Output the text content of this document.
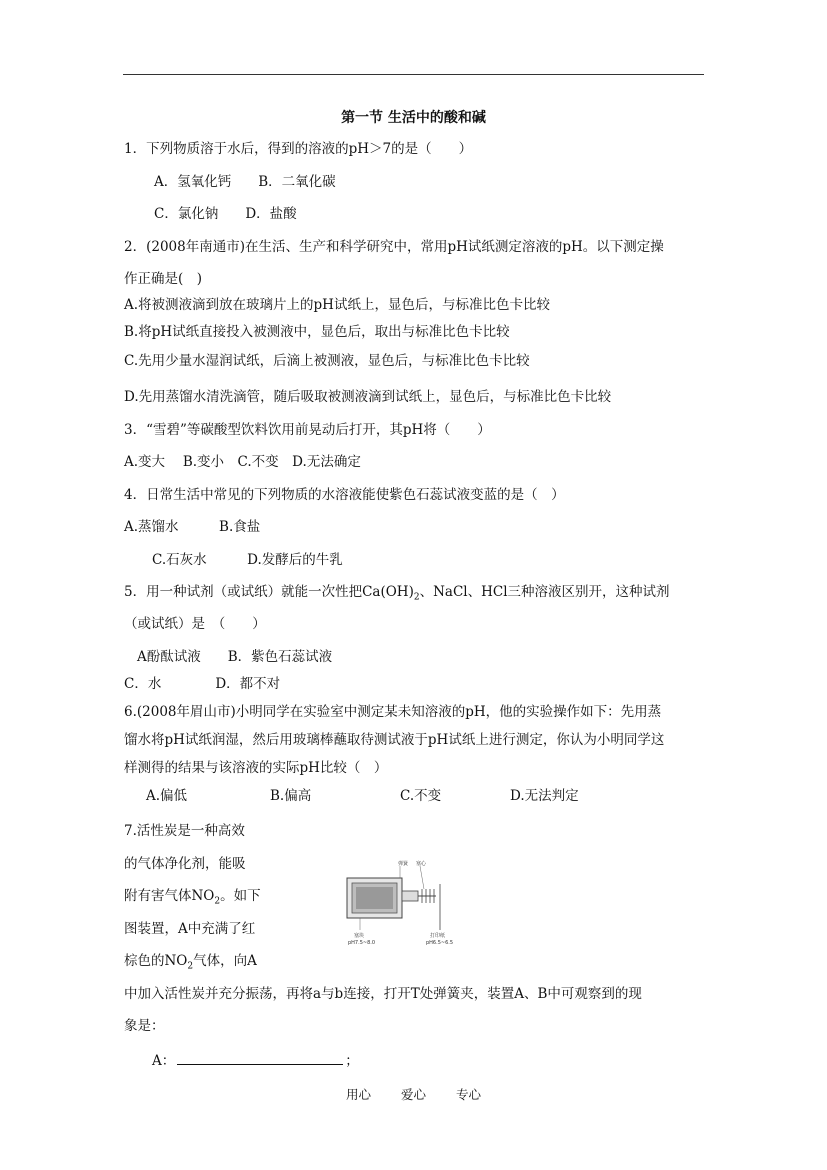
第一节 生活中的酸和碱
1．下列物质溶于水后，得到的溶液的pH＞7的是（　　）
A．氢氧化钙　　B．二氧化碳
C．氯化钠　　D．盐酸
2．(2008年南通市)在生活、生产和科学研究中，常用pH试纸测定溶液的pH。以下测定操
作正确是(　)
A.将被测液滴到放在玻璃片上的pH试纸上，显色后，与标准比色卡比较
B.将pH试纸直接投入被测液中，显色后，取出与标准比色卡比较
C.先用少量水湿润试纸，后滴上被测液，显色后，与标准比色卡比较
D.先用蒸馏水清洗滴管，随后吸取被测液滴到试纸上，显色后，与标准比色卡比较
3．“雪碧”等碳酸型饮料饮用前晃动后打开，其pH将（　　）
A.变大　 B.变小　C.不变　D.无法确定
4．日常生活中常见的下列物质的水溶液能使紫色石蕊试液变蓝的是（　）
A.蒸馏水　　　B.食盐
C.石灰水　　　D.发酵后的牛乳
5．用一种试剂（或试纸）就能一次性把$Ca(OH)_2$、NaCl、HCl三种溶液区别开，这种试剂
（或试纸）是　（　　）
A酚酞试液　　B．紫色石蕊试液
C．水　　　　D．都不对
6.(2008年眉山市)小明同学在实验室中测定某未知溶液的pH，他的实验操作如下：先用蒸
馏水将pH试纸润湿，然后用玻璃棒蘸取待测试液于pH试纸上进行测定，你认为小明同学这
样测得的结果与该溶液的实际pH比较（　）
A.偏低	B.偏高	C.不变	D.无法判定
7.活性炭是一种高效
的气体净化剂，能吸
附有害气体$NO_2$。如下
图装置，A中充满了红
棕色的$NO_2$气体，向A
中加入活性炭并充分振荡，再将a与b连接，打开T处弹簧夹，装置A、B中可观察到的现
象是：
A：	；
弹簧 塞心
塞块
pH7.5~8.0
打印纸
pH6.5~6.5
用心 爱心 专心
